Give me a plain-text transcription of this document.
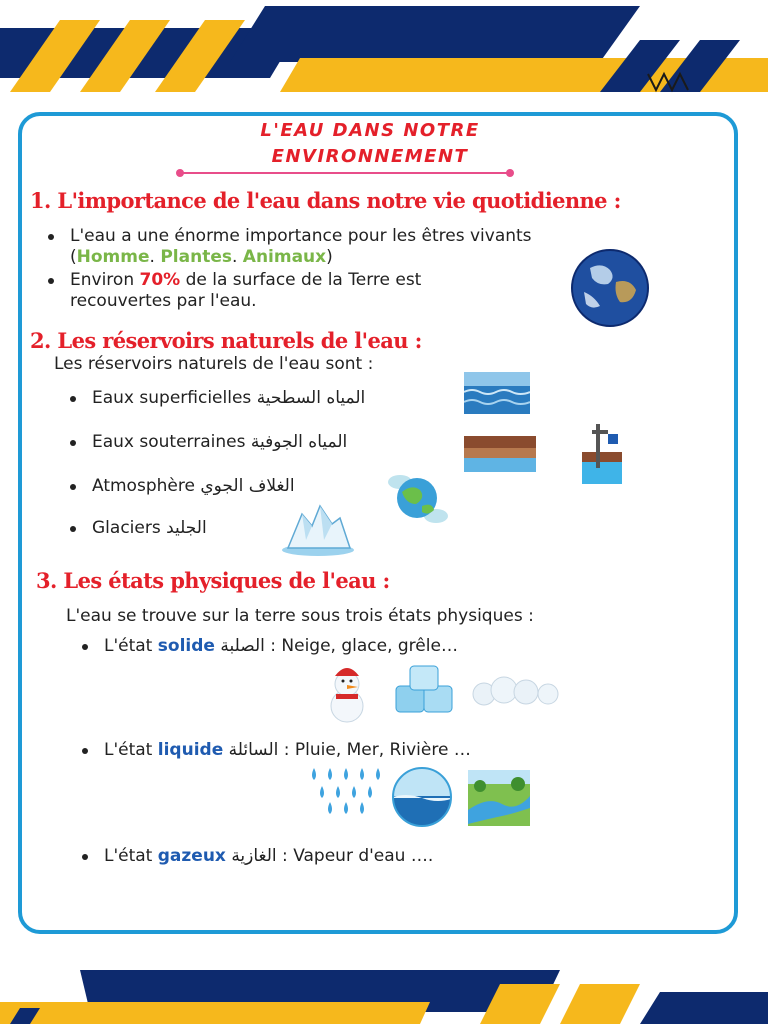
L'EAU DANS NOTRE
ENVIRONNEMENT
1. L'importance de l'eau dans notre vie quotidienne :
L'eau a une énorme importance pour les êtres vivants
(Homme. Plantes. Animaux)
Environ 70% de la surface de la Terre est
recouvertes par l'eau.
2. Les réservoirs naturels de l'eau :
Les réservoirs naturels de l'eau sont :
Eaux superficielles المياه السطحية
Eaux souterraines المياه الجوفية
Atmosphère الغلاف الجوي
Glaciers الجليد
3. Les états physiques de l'eau :
L'eau se trouve sur la terre sous trois états physiques :
L'état solide الصلبة : Neige, glace, grêle…
L'état liquide السائلة : Pluie, Mer, Rivière …
L'état gazeux الغازية : Vapeur d'eau ….
